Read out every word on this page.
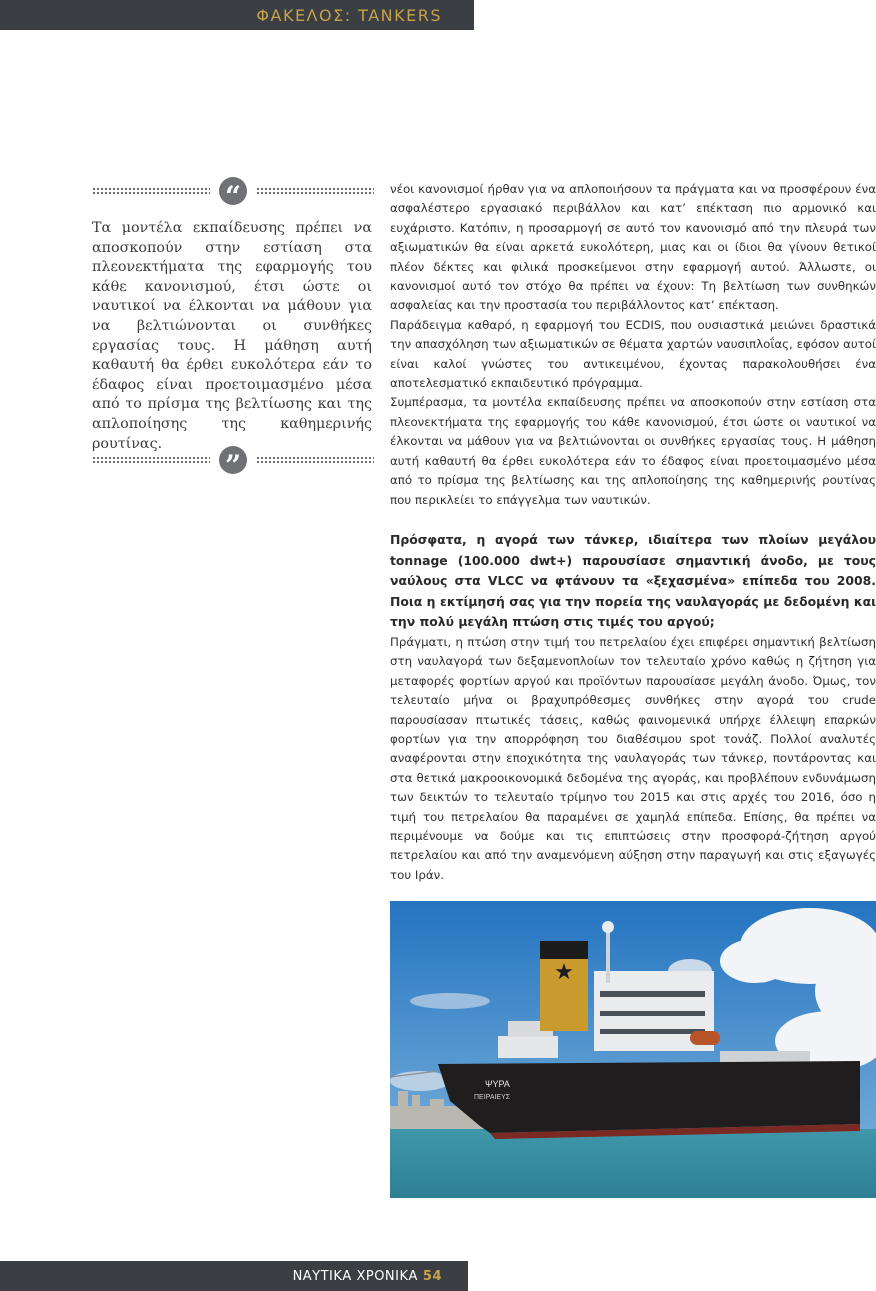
ΦΑΚΕΛΟΣ: TANKERS
“

Τα μοντέλα εκπαίδευσης πρέπει να αποσκοπούν στην εστίαση στα πλεονεκτήματα της εφαρμογής του κάθε κανονισμού, έτσι ώστε οι ναυτικοί να έλκονται να μάθουν για να βελτιώνονται οι συνθήκες εργασίας τους. Η μάθηση αυτή καθαυτή θα έρθει ευκολότερα εάν το έδαφος είναι προετοιμασμένο μέσα από το πρίσμα της βελτίωσης και της απλοποίησης της καθημερινής ρουτίνας.

”

νέοι κανονισμοί ήρθαν για να απλοποιήσουν τα πράγματα και να προσφέρουν ένα ασφαλέστερο εργασιακό περιβάλλον και κατ’ επέκταση πιο αρμονικό και ευχάριστο. Κατόπιν, η προσαρμογή σε αυτό τον κανονισμό από την πλευρά των αξιωματικών θα είναι αρκετά ευκολότερη, μιας και οι ίδιοι θα γίνουν θετικοί πλέον δέκτες και φιλικά προσκείμενοι στην εφαρμογή αυτού. Άλλωστε, οι κανονισμοί αυτό τον στόχο θα πρέπει να έχουν: Τη βελτίωση των συνθηκών ασφαλείας και την προστασία του περιβάλλοντος κατ’ επέκταση.

Παράδειγμα καθαρό, η εφαρμογή του ECDIS, που ουσιαστικά μειώνει δραστικά την απασχόληση των αξιωματικών σε θέματα χαρτών ναυσιπλοΐας, εφόσον αυτοί είναι καλοί γνώστες του αντικειμένου, έχοντας παρακολουθήσει ένα αποτελεσματικό εκπαιδευτικό πρόγραμμα.

Συμπέρασμα, τα μοντέλα εκπαίδευσης πρέπει να αποσκοπούν στην εστίαση στα πλεονεκτήματα της εφαρμογής του κάθε κανονισμού, έτσι ώστε οι ναυτικοί να έλκονται να μάθουν για να βελτιώνονται οι συνθήκες εργασίας τους. Η μάθηση αυτή καθαυτή θα έρθει ευκολότερα εάν το έδαφος είναι προετοιμασμένο μέσα από το πρίσμα της βελτίωσης και της απλοποίησης της καθημερινής ρουτίνας που περικλείει το επάγγελμα των ναυτικών.

Πρόσφατα, η αγορά των τάνκερ, ιδιαίτερα των πλοίων μεγάλου tonnage (100.000 dwt+) παρουσίασε σημαντική άνοδο, με τους ναύλους στα VLCC να φτάνουν τα «ξεχασμένα» επίπεδα του 2008. Ποια η εκτίμησή σας για την πορεία της ναυλαγοράς με δεδομένη και την πολύ μεγάλη πτώση στις τιμές του αργού;

Πράγματι, η πτώση στην τιμή του πετρελαίου έχει επιφέρει σημαντική βελτίωση στη ναυλαγορά των δεξαμενοπλοίων τον τελευταίο χρόνο καθώς η ζήτηση για μεταφορές φορτίων αργού και προϊόντων παρουσίασε μεγάλη άνοδο. Όμως, τον τελευταίο μήνα οι βραχυπρόθεσμες συνθήκες στην αγορά του crude παρουσίασαν πτωτικές τάσεις, καθώς φαινομενικά υπήρχε έλλειψη επαρκών φορτίων για την απορρόφηση του διαθέσιμου spot τονάζ. Πολλοί αναλυτές αναφέρονται στην εποχικότητα της ναυλαγοράς των τάνκερ, ποντάροντας και στα θετικά μακροοικονομικά δεδομένα της αγοράς, και προβλέπουν ενδυνάμωση των δεικτών το τελευταίο τρίμηνο του 2015 και στις αρχές του 2016, όσο η τιμή του πετρελαίου θα παραμένει σε χαμηλά επίπεδα. Επίσης, θα πρέπει να περιμένουμε να δούμε και τις επιπτώσεις στην προσφορά-ζήτηση αργού πετρελαίου και από την αναμενόμενη αύξηση στην παραγωγή και στις εξαγωγές του Ιράν.

★
ΨΥΡΑ
ΠΕΙΡΑΙΕΥΣ
ΝΑΥΤΙΚΑ ΧΡΟΝΙΚΑ 54
